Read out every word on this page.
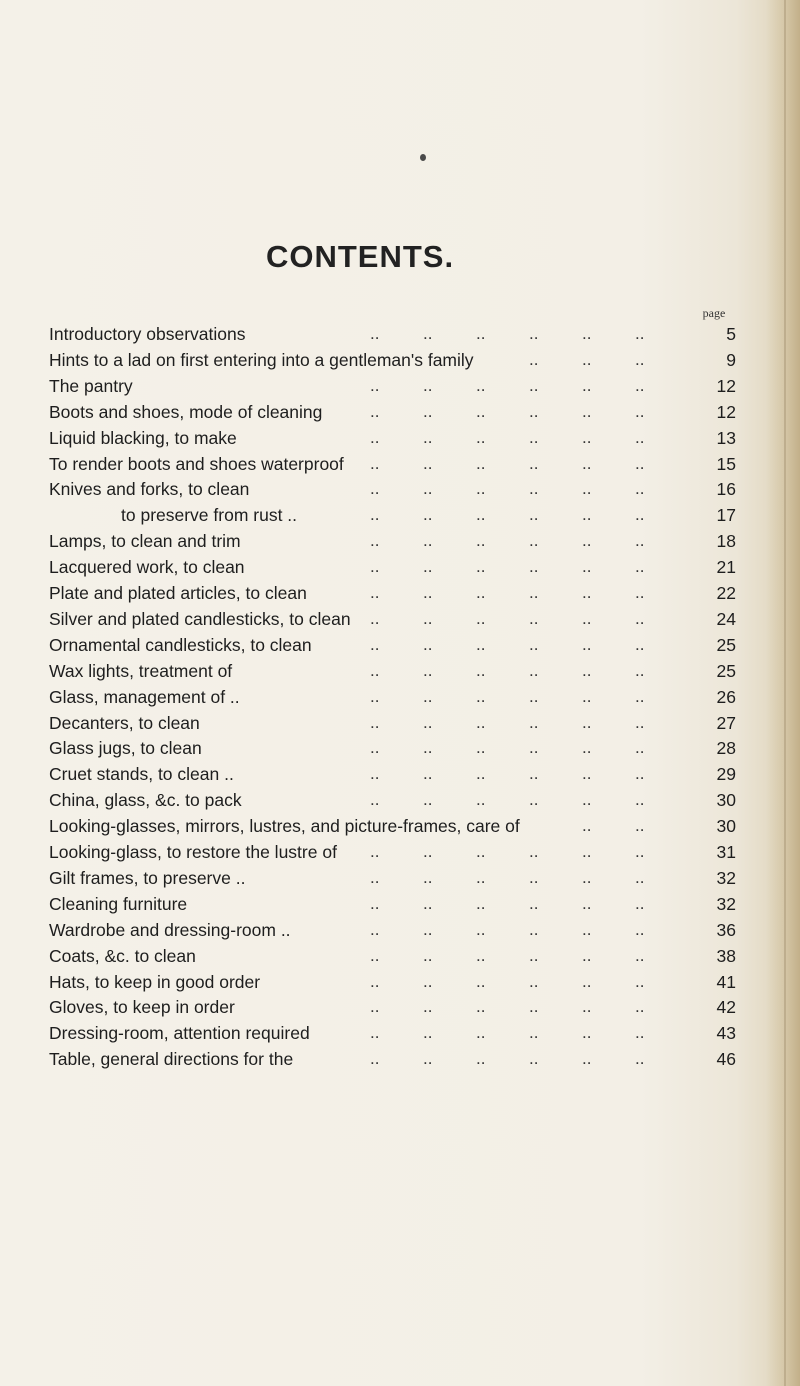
CONTENTS.
page
Introductory observations	5
..	..	..	..	..	..
Hints to a lad on first entering into a gentleman's family	9
..	..	..
The pantry	12
..	..	..	..	..	..
Boots and shoes, mode of cleaning	12
..	..	..	..	..	..
Liquid blacking, to make	13
..	..	..	..	..	..
To render boots and shoes waterproof	15
..	..	..	..	..	..
Knives and forks, to clean	16
..	..	..	..	..	..
to preserve from rust ..	17
..	..	..	..	..	..
Lamps, to clean and trim	18
..	..	..	..	..	..
Lacquered work, to clean	21
..	..	..	..	..	..
Plate and plated articles, to clean	22
..	..	..	..	..	..
Silver and plated candlesticks, to clean	24
..	..	..	..	..	..
Ornamental candlesticks, to clean	25
..	..	..	..	..	..
Wax lights, treatment of	25
..	..	..	..	..	..
Glass, management of ..	26
..	..	..	..	..	..
Decanters, to clean	27
..	..	..	..	..	..
Glass jugs, to clean	28
..	..	..	..	..	..
Cruet stands, to clean ..	29
..	..	..	..	..	..
China, glass, &c. to pack	30
..	..	..	..	..	..
Looking-glasses, mirrors, lustres, and picture-frames, care of	30
..	..
Looking-glass, to restore the lustre of	31
..	..	..	..	..	..
Gilt frames, to preserve ..	32
..	..	..	..	..	..
Cleaning furniture	32
..	..	..	..	..	..
Wardrobe and dressing-room ..	36
..	..	..	..	..	..
Coats, &c. to clean	38
..	..	..	..	..	..
Hats, to keep in good order	41
..	..	..	..	..	..
Gloves, to keep in order	42
..	..	..	..	..	..
Dressing-room, attention required	43
..	..	..	..	..	..
Table, general directions for the	46
..	..	..	..	..	..
